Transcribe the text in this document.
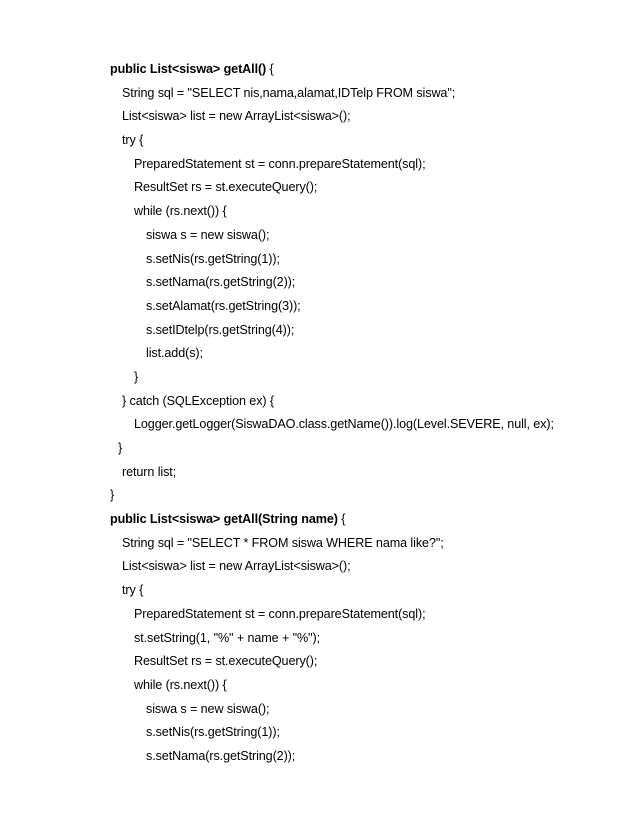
public List<siswa> getAll() {
String sql = "SELECT nis,nama,alamat,IDTelp FROM siswa";
List<siswa> list = new ArrayList<siswa>();
try {
PreparedStatement st = conn.prepareStatement(sql);
ResultSet rs = st.executeQuery();
while (rs.next()) {
siswa s = new siswa();
s.setNis(rs.getString(1));
s.setNama(rs.getString(2));
s.setAlamat(rs.getString(3));
s.setIDtelp(rs.getString(4));
list.add(s);
}
} catch (SQLException ex) {
Logger.getLogger(SiswaDAO.class.getName()).log(Level.SEVERE, null, ex);
}
return list;
}
public List<siswa> getAll(String name) {
String sql = "SELECT * FROM siswa WHERE nama like?";
List<siswa> list = new ArrayList<siswa>();
try {
PreparedStatement st = conn.prepareStatement(sql);
st.setString(1, "%" + name + "%");
ResultSet rs = st.executeQuery();
while (rs.next()) {
siswa s = new siswa();
s.setNis(rs.getString(1));
s.setNama(rs.getString(2));
